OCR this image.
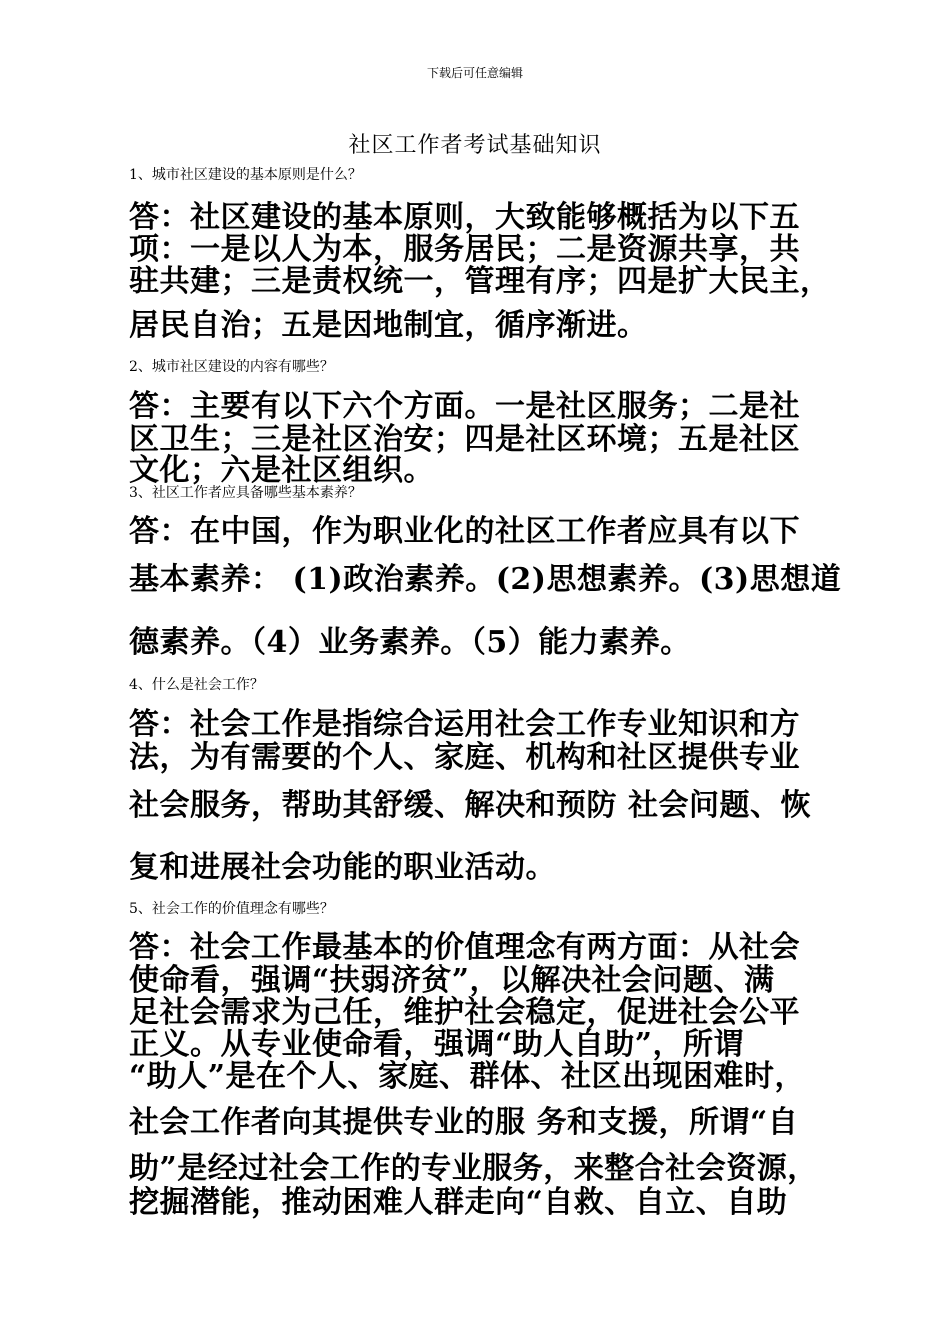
下载后可任意编辑
社区工作者考试基础知识
1、城市社区建设的基本原则是什么？
答：社区建设的基本原则，大致能够概括为以下五
项：一是以人为本，服务居民；二是资源共享，共
驻共建；三是责权统一，管理有序；四是扩大民主，
居民自治；五是因地制宜，循序渐进。
2、城市社区建设的内容有哪些？
答：主要有以下六个方面。一是社区服务；二是社
区卫生；三是社区治安；四是社区环境；五是社区
文化；六是社区组织。
3、社区工作者应具备哪些基本素养？
答：在中国，作为职业化的社区工作者应具有以下
基本素养： (1)政治素养。(2)思想素养。(3)思想道
德素养。（4）业务素养。（5）能力素养。
4、什么是社会工作？
答：社会工作是指综合运用社会工作专业知识和方
法，为有需要的个人、家庭、机构和社区提供专业
社会服务，帮助其舒缓、解决和预防 社会问题、恢
复和进展社会功能的职业活动。
5、社会工作的价值理念有哪些？
答：社会工作最基本的价值理念有两方面：从社会
使命看，强调“扶弱济贫”，以解决社会问题、满
足社会需求为己任，维护社会稳定，促进社会公平
正义。从专业使命看，强调“助人自助”，所谓
“助人”是在个人、家庭、群体、社区出现困难时，
社会工作者向其提供专业的服 务和支援，所谓“自
助”是经过社会工作的专业服务，来整合社会资源，
挖掘潜能，推动困难人群走向“自救、自立、自助
